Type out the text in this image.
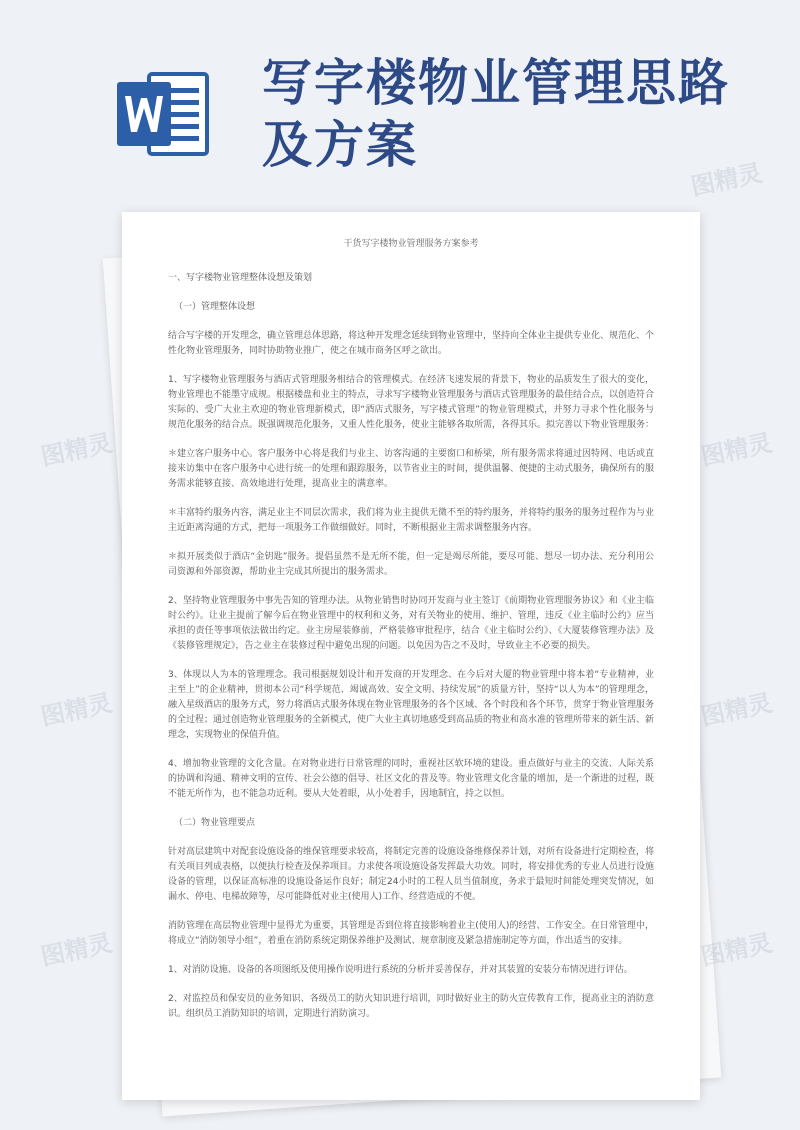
写字楼物业管理思路及方案
干货写字楼物业管理服务方案参考
一、写字楼物业管理整体设想及策划
（一）管理整体设想
结合写字楼的开发理念，确立管理总体思路，将这种开发理念延续到物业管理中，坚持向全体业主提供专业化、规范化、个性化物业管理服务，同时协助物业推广，使之在城市商务区呼之欲出。
1、写字楼物业管理服务与酒店式管理服务相结合的管理模式。在经济飞速发展的背景下，物业的品质发生了很大的变化，物业管理也不能墨守成规。根据楼盘和业主的特点，寻求写字楼物业管理服务与酒店式管理服务的最佳结合点，以创造符合实际的、受广大业主欢迎的物业管理新模式，即“酒店式服务，写字楼式管理”的物业管理模式，并努力寻求个性化服务与规范化服务的结合点。既强调规范化服务，又重人性化服务，使业主能够各取所需，各得其乐。拟完善以下物业管理服务：
＊建立客户服务中心。客户服务中心将是我们与业主、访客沟通的主要窗口和桥梁，所有服务需求将通过因特网、电话或直接来访集中在客户服务中心进行统一的处理和跟踪服务，以节省业主的时间，提供温馨、便捷的主动式服务，确保所有的服务需求能够直接、高效地进行处理，提高业主的满意率。
＊丰富特约服务内容，满足业主不同层次需求，我们将为业主提供无微不至的特约服务，并将特约服务的服务过程作为与业主近距离沟通的方式，把每一项服务工作做细做好。同时，不断根据业主需求调整服务内容。
＊拟开展类似于酒店“金钥匙”服务。提倡虽然不是无所不能，但一定是竭尽所能，要尽可能、想尽一切办法、充分利用公司资源和外部资源，帮助业主完成其所提出的服务需求。
2、坚持物业管理服务中事先告知的管理办法。从物业销售时协同开发商与业主签订《前期物业管理服务协议》和《业主临时公约》。让业主提前了解今后在物业管理中的权利和义务，对有关物业的使用、维护、管理，违反《业主临时公约》应当承担的责任等事项依法做出约定。业主房屋装修前，严格装修审批程序，结合《业主临时公约》、《大厦装修管理办法》及《装修管理规定》，告之业主在装修过程中避免出现的问题。以免因为告之不及时，导致业主不必要的损失。
3、体现以人为本的管理理念。我司根据规划设计和开发商的开发理念、在今后对大厦的物业管理中将本着“专业精神，业主至上”的企业精神，贯彻本公司“科学规范、竭诚高效、安全文明、持续发展”的质量方针，坚持“以人为本”的管理理念，融入星级酒店的服务方式，努力将酒店式服务体现在物业管理服务的各个区域、各个时段和各个环节，贯穿于物业管理服务的全过程；通过创造物业管理服务的全新模式，使广大业主真切地感受到高品质的物业和高水准的管理所带来的新生活、新理念，实现物业的保值升值。
4、增加物业管理的文化含量。在对物业进行日常管理的同时，重视社区软环境的建设。重点做好与业主的交流、人际关系的协调和沟通、精神文明的宣传、社会公德的倡导、社区文化的普及等。物业管理文化含量的增加，是一个渐进的过程，既不能无所作为，也不能急功近利。要从大处着眼，从小处着手，因地制宜，持之以恒。
（二）物业管理要点
针对高层建筑中对配套设施设备的维保管理要求较高，将制定完善的设施设备维修保养计划，对所有设备进行定期检查，将有关项目列成表格，以便执行检查及保养项目。力求使各项设施设备发挥最大功效。同时，将安排优秀的专业人员进行设施设备的管理，以保证高标准的设施设备运作良好；制定24小时的工程人员当值制度，务求于最短时间能处理突发情况，如漏水、停电、电梯故障等，尽可能降低对业主(使用人)工作、经营造成的不便。
消防管理在高层物业管理中显得尤为重要，其管理是否到位将直接影响着业主(使用人)的经营、工作安全。在日常管理中，将成立“消防领导小组”，着重在消防系统定期保养维护及测试、规章制度及紧急措施制定等方面，作出适当的安排。
1、对消防设施、设备的各项图纸及使用操作说明进行系统的分析并妥善保存，并对其装置的安装分布情况进行评估。
2、对监控员和保安员的业务知识、各级员工的防火知识进行培训，同时做好业主的防火宣传教育工作，提高业主的消防意识。组织员工消防知识的培训，定期进行消防演习。
图精灵
图精灵
图精灵
图精灵
图精灵
图精灵
图精灵
